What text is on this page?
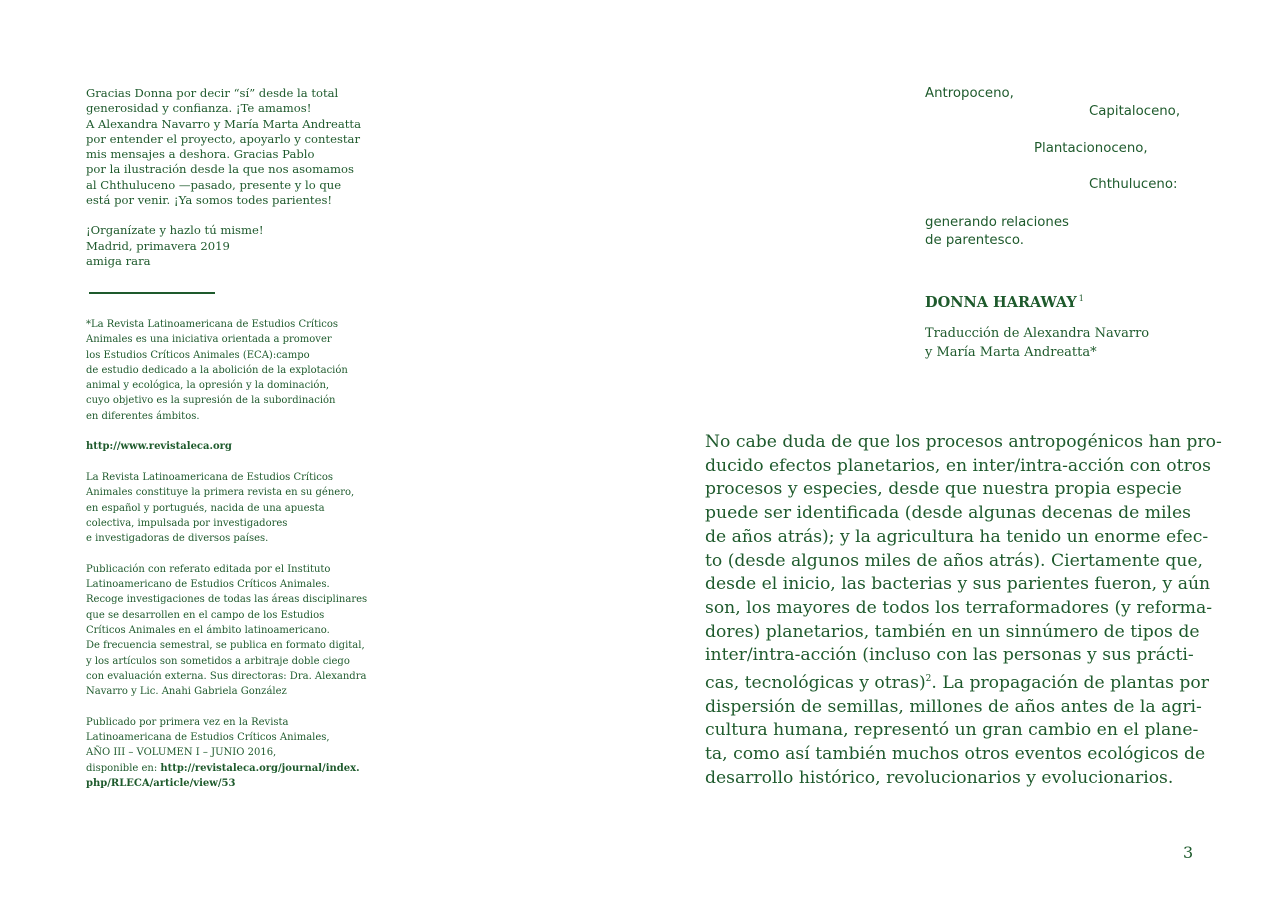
Gracias Donna por decir “sí” desde la total

generosidad y confianza. ¡Te amamos!

A Alexandra Navarro y María Marta Andreatta

por entender el proyecto, apoyarlo y contestar

mis mensajes a deshora. Gracias Pablo

por la ilustración desde la que nos asomamos

al Chthuluceno —pasado, presente y lo que

está por venir. ¡Ya somos todes parientes!

¡Organízate y hazlo tú misme!

Madrid, primavera 2019

amiga rara

*La Revista Latinoamericana de Estudios Críticos

Animales es una iniciativa orientada a promover

los Estudios Críticos Animales (ECA):campo

de estudio dedicado a la abolición de la explotación

animal y ecológica, la opresión y la dominación,

cuyo objetivo es la supresión de la subordinación

en diferentes ámbitos.

http://www.revistaleca.org

La Revista Latinoamericana de Estudios Críticos

Animales constituye la primera revista en su género,

en español y portugués, nacida de una apuesta

colectiva, impulsada por investigadores

e investigadoras de diversos países.

Publicación con referato editada por el Instituto

Latinoamericano de Estudios Críticos Animales.

Recoge investigaciones de todas las áreas disciplinares

que se desarrollen en el campo de los Estudios

Críticos Animales en el ámbito latinoamericano.

De frecuencia semestral, se publica en formato digital,

y los artículos son sometidos a arbitraje doble ciego

con evaluación externa. Sus directoras: Dra. Alexandra

Navarro y Lic. Anahi Gabriela González

Publicado por primera vez en la Revista

Latinoamericana de Estudios Críticos Animales,

AÑO III – VOLUMEN I – JUNIO 2016,

disponible en: http://revistaleca.org/journal/index.

php/RLECA/article/view/53

Antropoceno,
Capitaloceno,
Plantacionoceno,
Chthuluceno:
generando relaciones
de parentesco.
DONNA HARAWAY $^1$
Traducción de Alexandra Navarro
y María Marta Andreatta*
No cabe duda de que los procesos antropogénicos han pro-
ducido efectos planetarios, en inter/intra-acción con otros
procesos y especies, desde que nuestra propia especie
puede ser identificada (desde algunas decenas de miles
de años atrás); y la agricultura ha tenido un enorme efec-
to (desde algunos miles de años atrás). Ciertamente que,
desde el inicio, las bacterias y sus parientes fueron, y aún
son, los mayores de todos los terraformadores (y reforma-
dores) planetarios, también en un sinnúmero de tipos de
inter/intra-acción (incluso con las personas y sus prácti-
cas, tecnológicas y otras)$^2$. La propagación de plantas por
dispersión de semillas, millones de años antes de la agri-
cultura humana, representó un gran cambio en el plane-
ta, como así también muchos otros eventos ecológicos de
desarrollo histórico, revolucionarios y evolucionarios.
3
